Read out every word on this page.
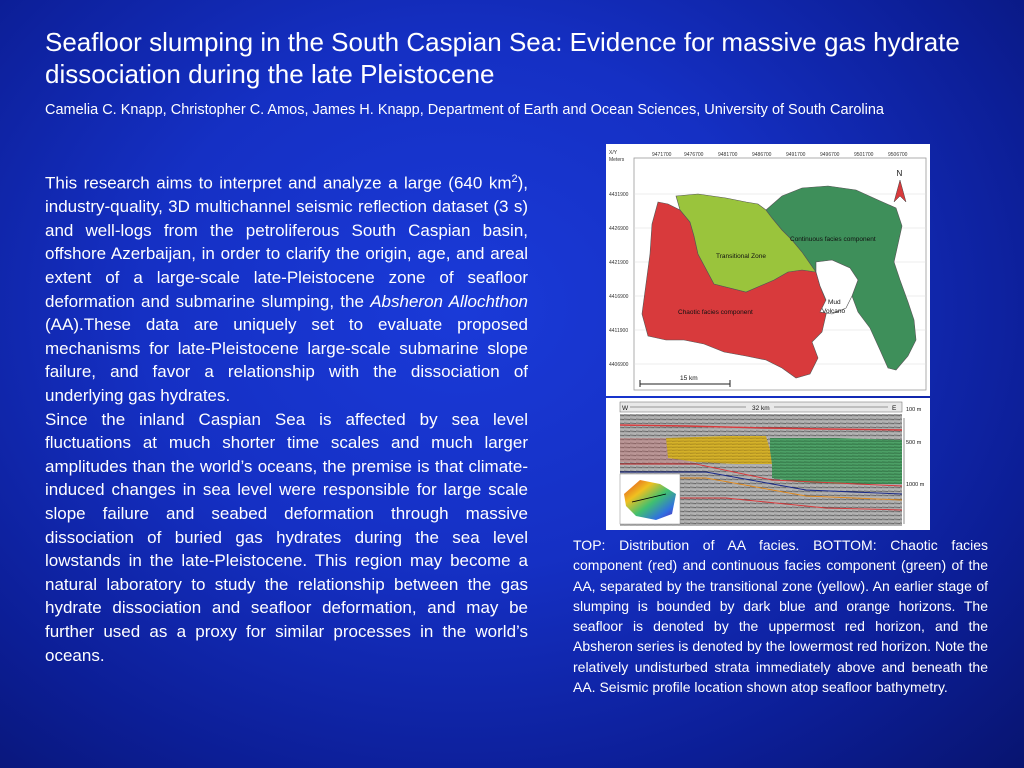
Seafloor slumping in the South Caspian Sea: Evidence for massive gas hydrate dissociation during the late Pleistocene

Camelia C. Knapp, Christopher C. Amos, James H. Knapp, Department of Earth and Ocean Sciences, University of South Carolina

This research aims to interpret and analyze a large (640 $km^2$), industry-quality, 3D multichannel seismic reflection dataset (3 s) and well-logs from the petroliferous South Caspian basin, offshore Azerbaijan, in order to clarify the origin, age, and areal extent of a large-scale late-Pleistocene zone of seafloor deformation and submarine slumping, the Absheron Allochthon (AA).These data are uniquely set to evaluate proposed mechanisms for late-Pleistocene large-scale submarine slope failure, and favor a relationship with the dissociation of underlying gas hydrates.

Since the inland Caspian Sea is affected by sea level fluctuations at much shorter time scales and much larger amplitudes than the world’s oceans, the premise is that climate-induced changes in sea level were responsible for large scale slope failure and seabed deformation through massive dissociation of buried gas hydrates during the sea level lowstands in the late-Pleistocene. This region may become a natural laboratory to study the relationship between the gas hydrate dissociation and seafloor deformation, and may be further used as a proxy for similar processes in the world’s oceans.

X/Y
Meters
9471700	9476700	9481700	9486700	9491700	9496700	9501700	9506700
4431900
4426900
4421900
4416900
4411900
4406900
Transitional Zone
Continuous facies component
Chaotic facies component
Mud
Volcano
N
15 km
W	E
32 km	100 m
500 m
1000 m

TOP: Distribution of AA facies. BOTTOM: Chaotic facies component (red) and continuous facies component (green) of the AA, separated by the transitional zone (yellow). An earlier stage of slumping is bounded by dark blue and orange horizons. The seafloor is denoted by the uppermost red horizon, and the Absheron series is denoted by the lowermost red horizon. Note the relatively undisturbed strata immediately above and beneath the AA. Seismic profile location shown atop seafloor bathymetry.
